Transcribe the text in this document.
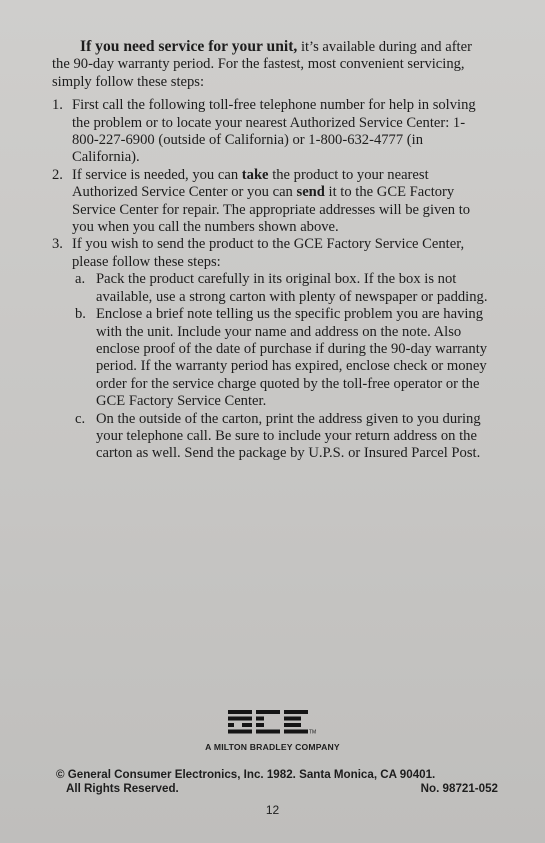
If you need service for your unit, it’s available during and after the 90-day warranty period. For the fastest, most convenient servicing, simply follow these steps:

1. First call the following toll-free telephone number for help in solving the problem or to locate your nearest Authorized Service Center: 1-800-227-6900 (outside of California) or 1-800-632-4777 (in California).
2. If service is needed, you can take the product to your nearest Authorized Service Center or you can send it to the GCE Factory Service Center for repair. The appropriate addresses will be given to you when you call the numbers shown above.
3. If you wish to send the product to the GCE Factory Service Center, please follow these steps:
a. Pack the product carefully in its original box. If the box is not available, use a strong carton with plenty of newspaper or padding.
b. Enclose a brief note telling us the specific problem you are having with the unit. Include your name and address on the note. Also enclose proof of the date of purchase if during the 90-day warranty period. If the warranty period has expired, enclose check or money order for the service charge quoted by the toll-free operator or the GCE Factory Service Center.
c. On the outside of the carton, print the address given to you during your telephone call. Be sure to include your return address on the carton as well. Send the package by U.P.S. or Insured Parcel Post.
TM
A MILTON BRADLEY COMPANY
© General Consumer Electronics, Inc. 1982. Santa Monica, CA 90401.
All Rights Reserved.	No. 98721-052
12
